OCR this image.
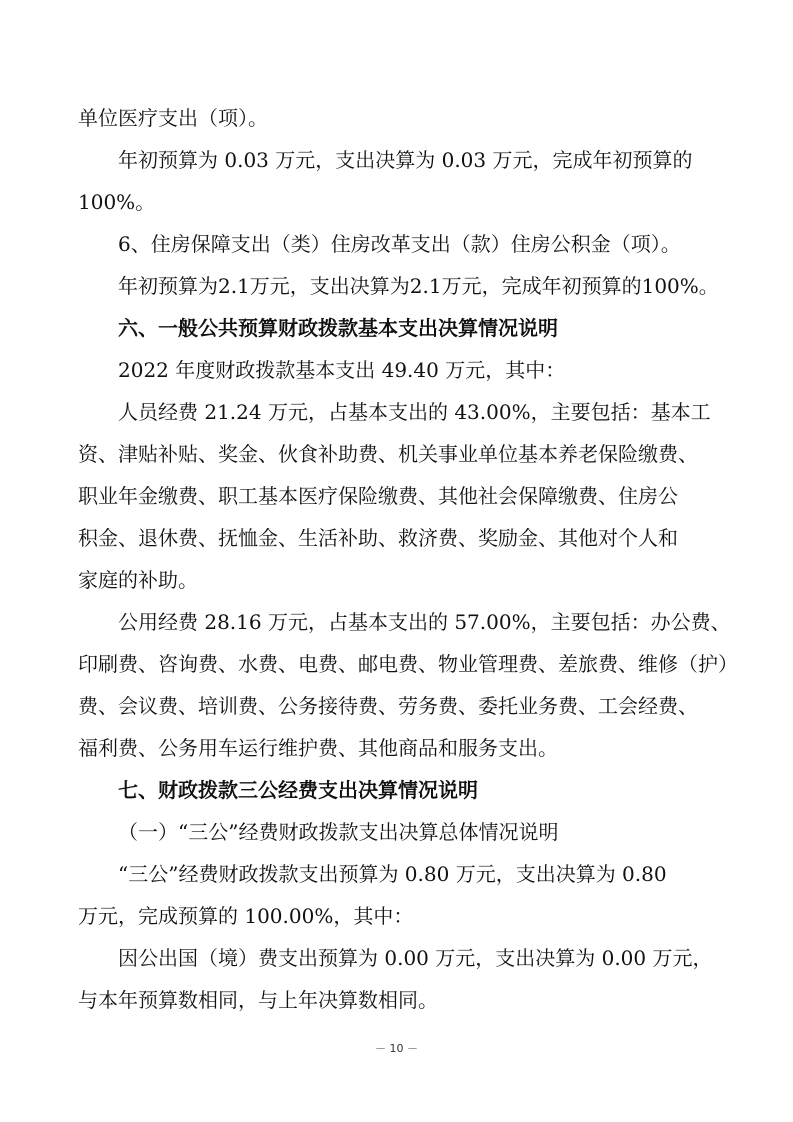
单位医疗支出（项）。

年初预算为 0.03 万元，支出决算为 0.03 万元，完成年初预算的

100%。

6、住房保障支出（类）住房改革支出（款）住房公积金（项）。

年初预算为2.1万元，支出决算为2.1万元，完成年初预算的100%。

六、一般公共预算财政拨款基本支出决算情况说明

2022 年度财政拨款基本支出 49.40 万元，其中：

人员经费 21.24 万元，占基本支出的 43.00%，主要包括：基本工

资、津贴补贴、奖金、伙食补助费、机关事业单位基本养老保险缴费、

职业年金缴费、职工基本医疗保险缴费、其他社会保障缴费、住房公

积金、退休费、抚恤金、生活补助、救济费、奖励金、其他对个人和

家庭的补助。

公用经费 28.16 万元，占基本支出的 57.00%，主要包括：办公费、

印刷费、咨询费、水费、电费、邮电费、物业管理费、差旅费、维修（护）

费、会议费、培训费、公务接待费、劳务费、委托业务费、工会经费、

福利费、公务用车运行维护费、其他商品和服务支出。

七、财政拨款三公经费支出决算情况说明

（一）“三公”经费财政拨款支出决算总体情况说明

“三公”经费财政拨款支出预算为 0.80 万元，支出决算为 0.80

万元，完成预算的 100.00%，其中：

因公出国（境）费支出预算为 0.00 万元，支出决算为 0.00 万元，

与本年预算数相同，与上年决算数相同。

－ 10 －
